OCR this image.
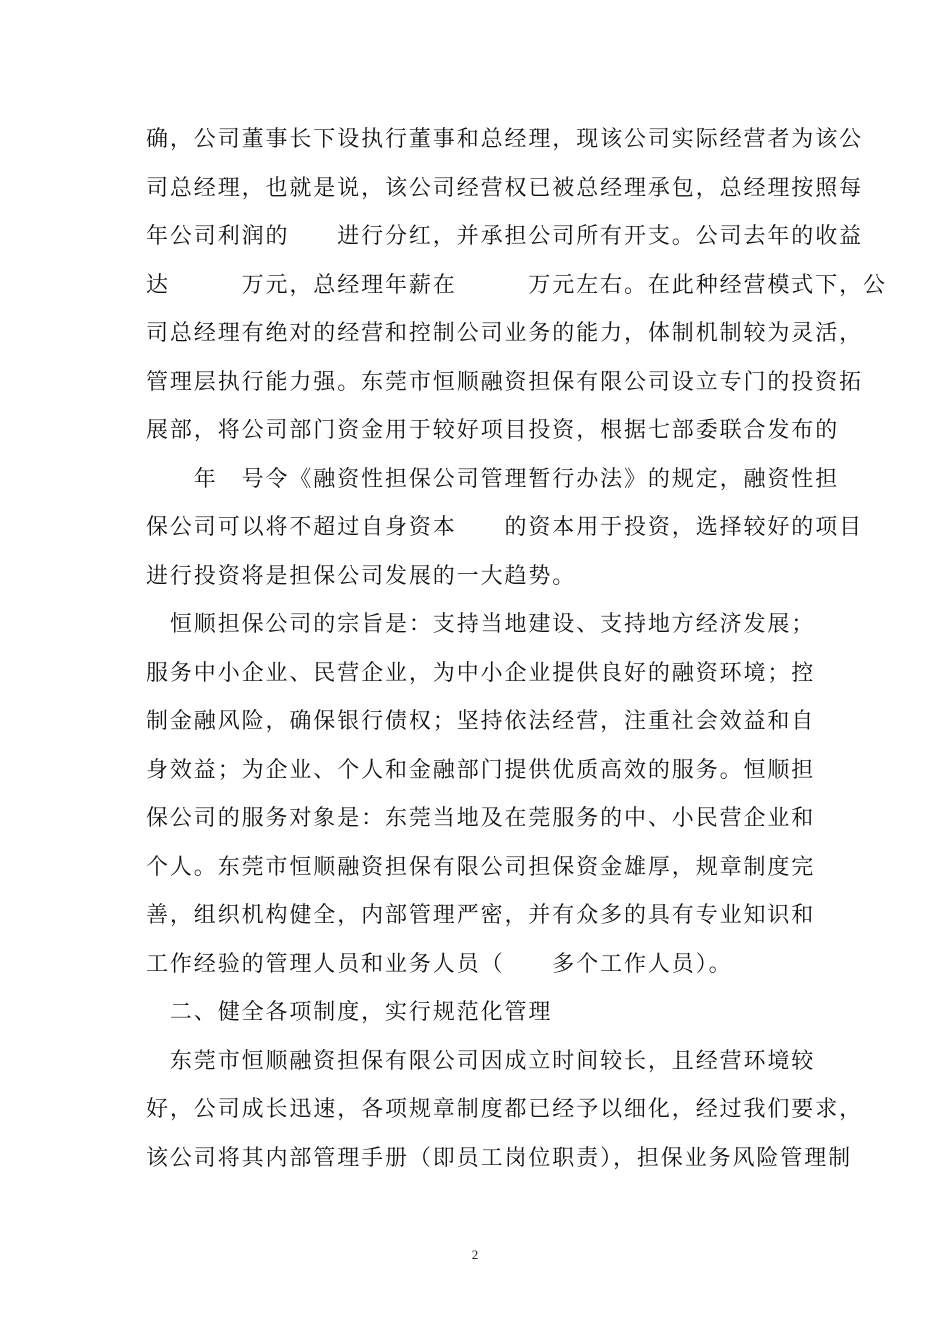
确，公司董事长下设执行董事和总经理，现该公司实际经营者为该公
司总经理，也就是说，该公司经营权已被总经理承包，总经理按照每
年公司利润的　　进行分红，并承担公司所有开支。公司去年的收益
达　　　万元，总经理年薪在　　　万元左右。在此种经营模式下，公
司总经理有绝对的经营和控制公司业务的能力，体制机制较为灵活，
管理层执行能力强。东莞市恒顺融资担保有限公司设立专门的投资拓
展部，将公司部门资金用于较好项目投资，根据七部委联合发布的
　　年　号令《融资性担保公司管理暂行办法》的规定，融资性担
保公司可以将不超过自身资本　　的资本用于投资，选择较好的项目
进行投资将是担保公司发展的一大趋势。
　恒顺担保公司的宗旨是：支持当地建设、支持地方经济发展；
服务中小企业、民营企业，为中小企业提供良好的融资环境；控
制金融风险，确保银行债权；坚持依法经营，注重社会效益和自
身效益；为企业、个人和金融部门提供优质高效的服务。恒顺担
保公司的服务对象是：东莞当地及在莞服务的中、小民营企业和
个人。东莞市恒顺融资担保有限公司担保资金雄厚，规章制度完
善，组织机构健全，内部管理严密，并有众多的具有专业知识和
工作经验的管理人员和业务人员（　　多个工作人员）。
　二、健全各项制度，实行规范化管理
　东莞市恒顺融资担保有限公司因成立时间较长，且经营环境较
好，公司成长迅速，各项规章制度都已经予以细化，经过我们要求，
该公司将其内部管理手册（即员工岗位职责），担保业务风险管理制
2
